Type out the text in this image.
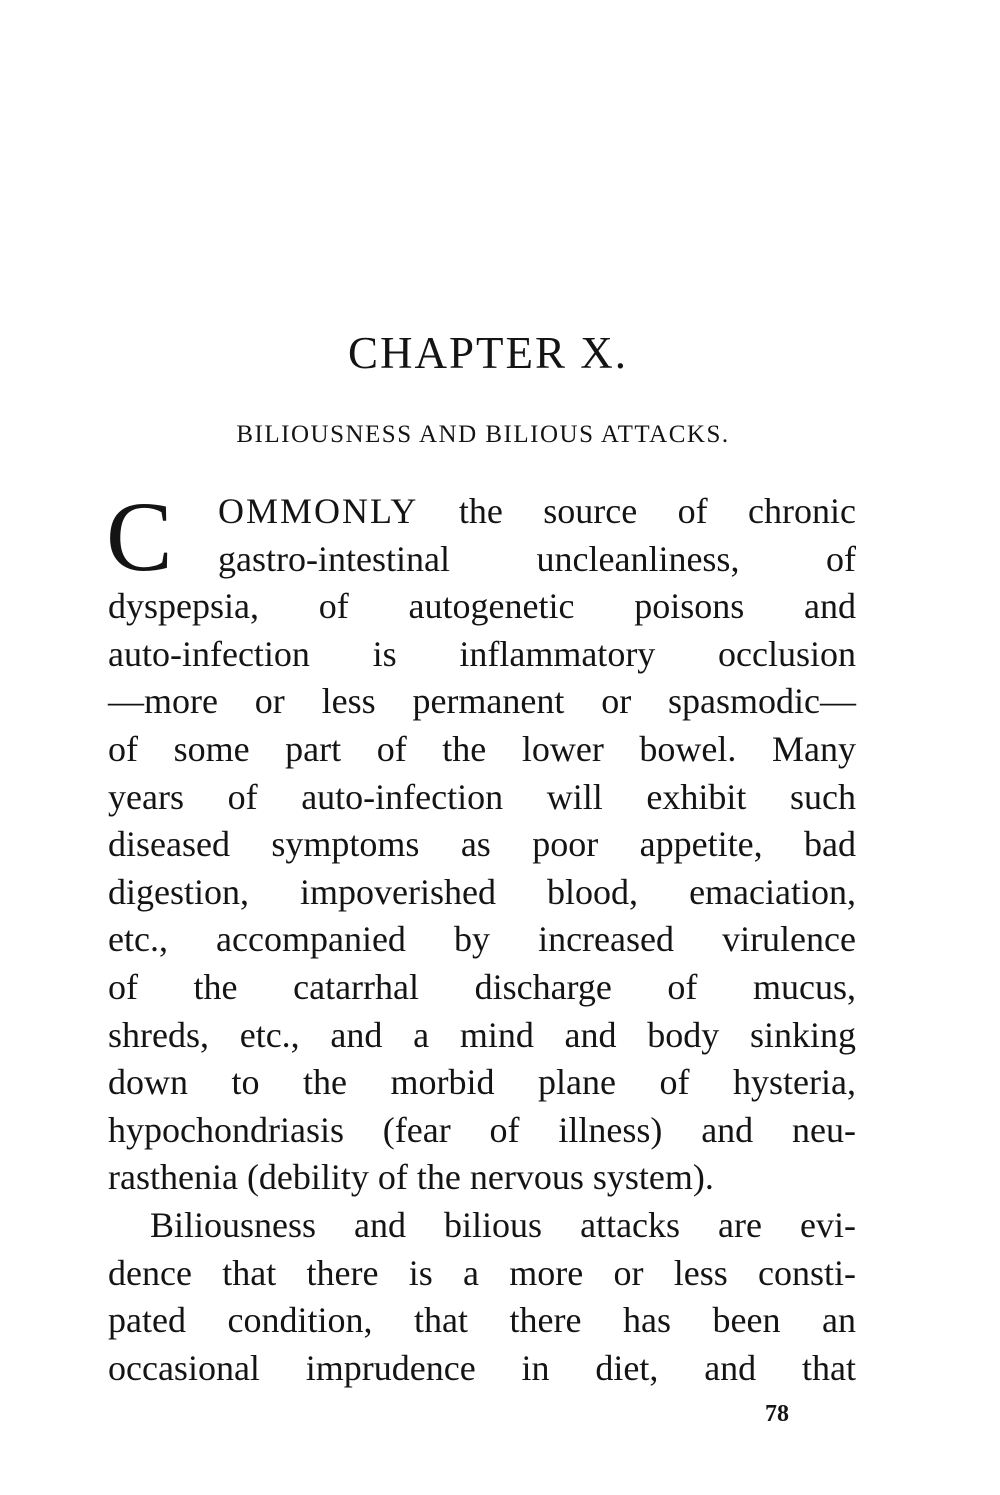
CHAPTER X.
BILIOUSNESS AND BILIOUS ATTACKS.
C	OMMONLY the source of chronic
gastro-intestinal uncleanliness, of
dyspepsia, of autogenetic poisons and
auto-infection is inflammatory occlusion
—more or less permanent or spasmodic—
of some part of the lower bowel. Many
years of auto-infection will exhibit such
diseased symptoms as poor appetite, bad
digestion, impoverished blood, emaciation,
etc., accompanied by increased virulence
of the catarrhal discharge of mucus,
shreds, etc., and a mind and body sinking
down to the morbid plane of hysteria,
hypochondriasis (fear of illness) and neu-
rasthenia (debility of the nervous system).
Biliousness and bilious attacks are evi-
dence that there is a more or less consti-
pated condition, that there has been an
occasional imprudence in diet, and that
78
